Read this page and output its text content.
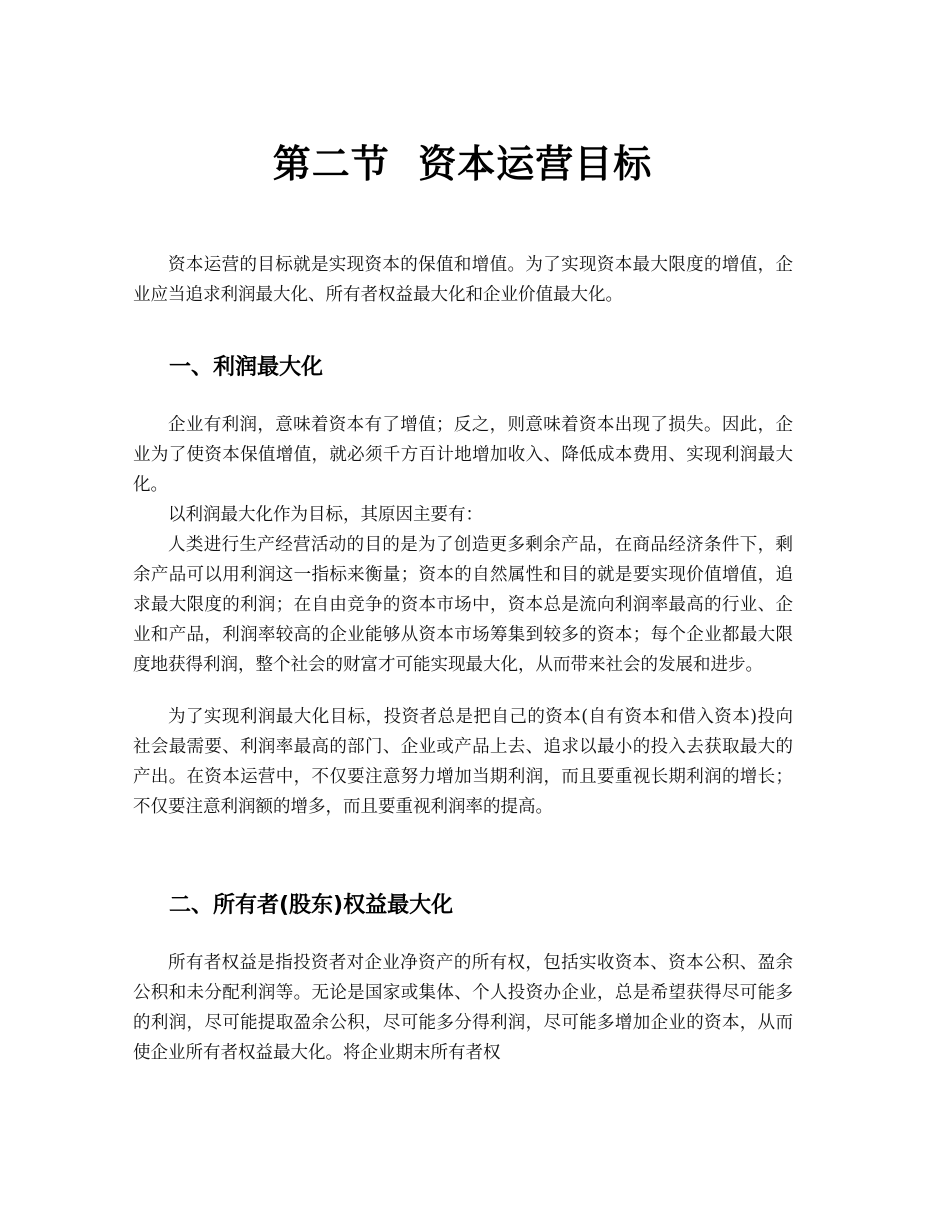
第二节  资本运营目标

资本运营的目标就是实现资本的保值和增值。为了实现资本最大限度的增值，企业应当追求利润最大化、所有者权益最大化和企业价值最大化。

一、利润最大化

企业有利润，意味着资本有了增值；反之，则意味着资本出现了损失。因此，企业为了使资本保值增值，就必须千方百计地增加收入、降低成本费用、实现利润最大化。

以利润最大化作为目标，其原因主要有：

人类进行生产经营活动的目的是为了创造更多剩余产品，在商品经济条件下，剩余产品可以用利润这一指标来衡量；资本的自然属性和目的就是要实现价值增值，追求最大限度的利润；在自由竞争的资本市场中，资本总是流向利润率最高的行业、企业和产品，利润率较高的企业能够从资本市场筹集到较多的资本；每个企业都最大限度地获得利润，整个社会的财富才可能实现最大化，从而带来社会的发展和进步。

为了实现利润最大化目标，投资者总是把自己的资本(自有资本和借入资本)投向社会最需要、利润率最高的部门、企业或产品上去、追求以最小的投入去获取最大的产出。在资本运营中，不仅要注意努力增加当期利润，而且要重视长期利润的增长；不仅要注意利润额的增多，而且要重视利润率的提高。

二、所有者(股东)权益最大化

所有者权益是指投资者对企业净资产的所有权，包括实收资本、资本公积、盈余公积和未分配利润等。无论是国家或集体、个人投资办企业，总是希望获得尽可能多的利润，尽可能提取盈余公积，尽可能多分得利润，尽可能多增加企业的资本，从而使企业所有者权益最大化。将企业期末所有者权
